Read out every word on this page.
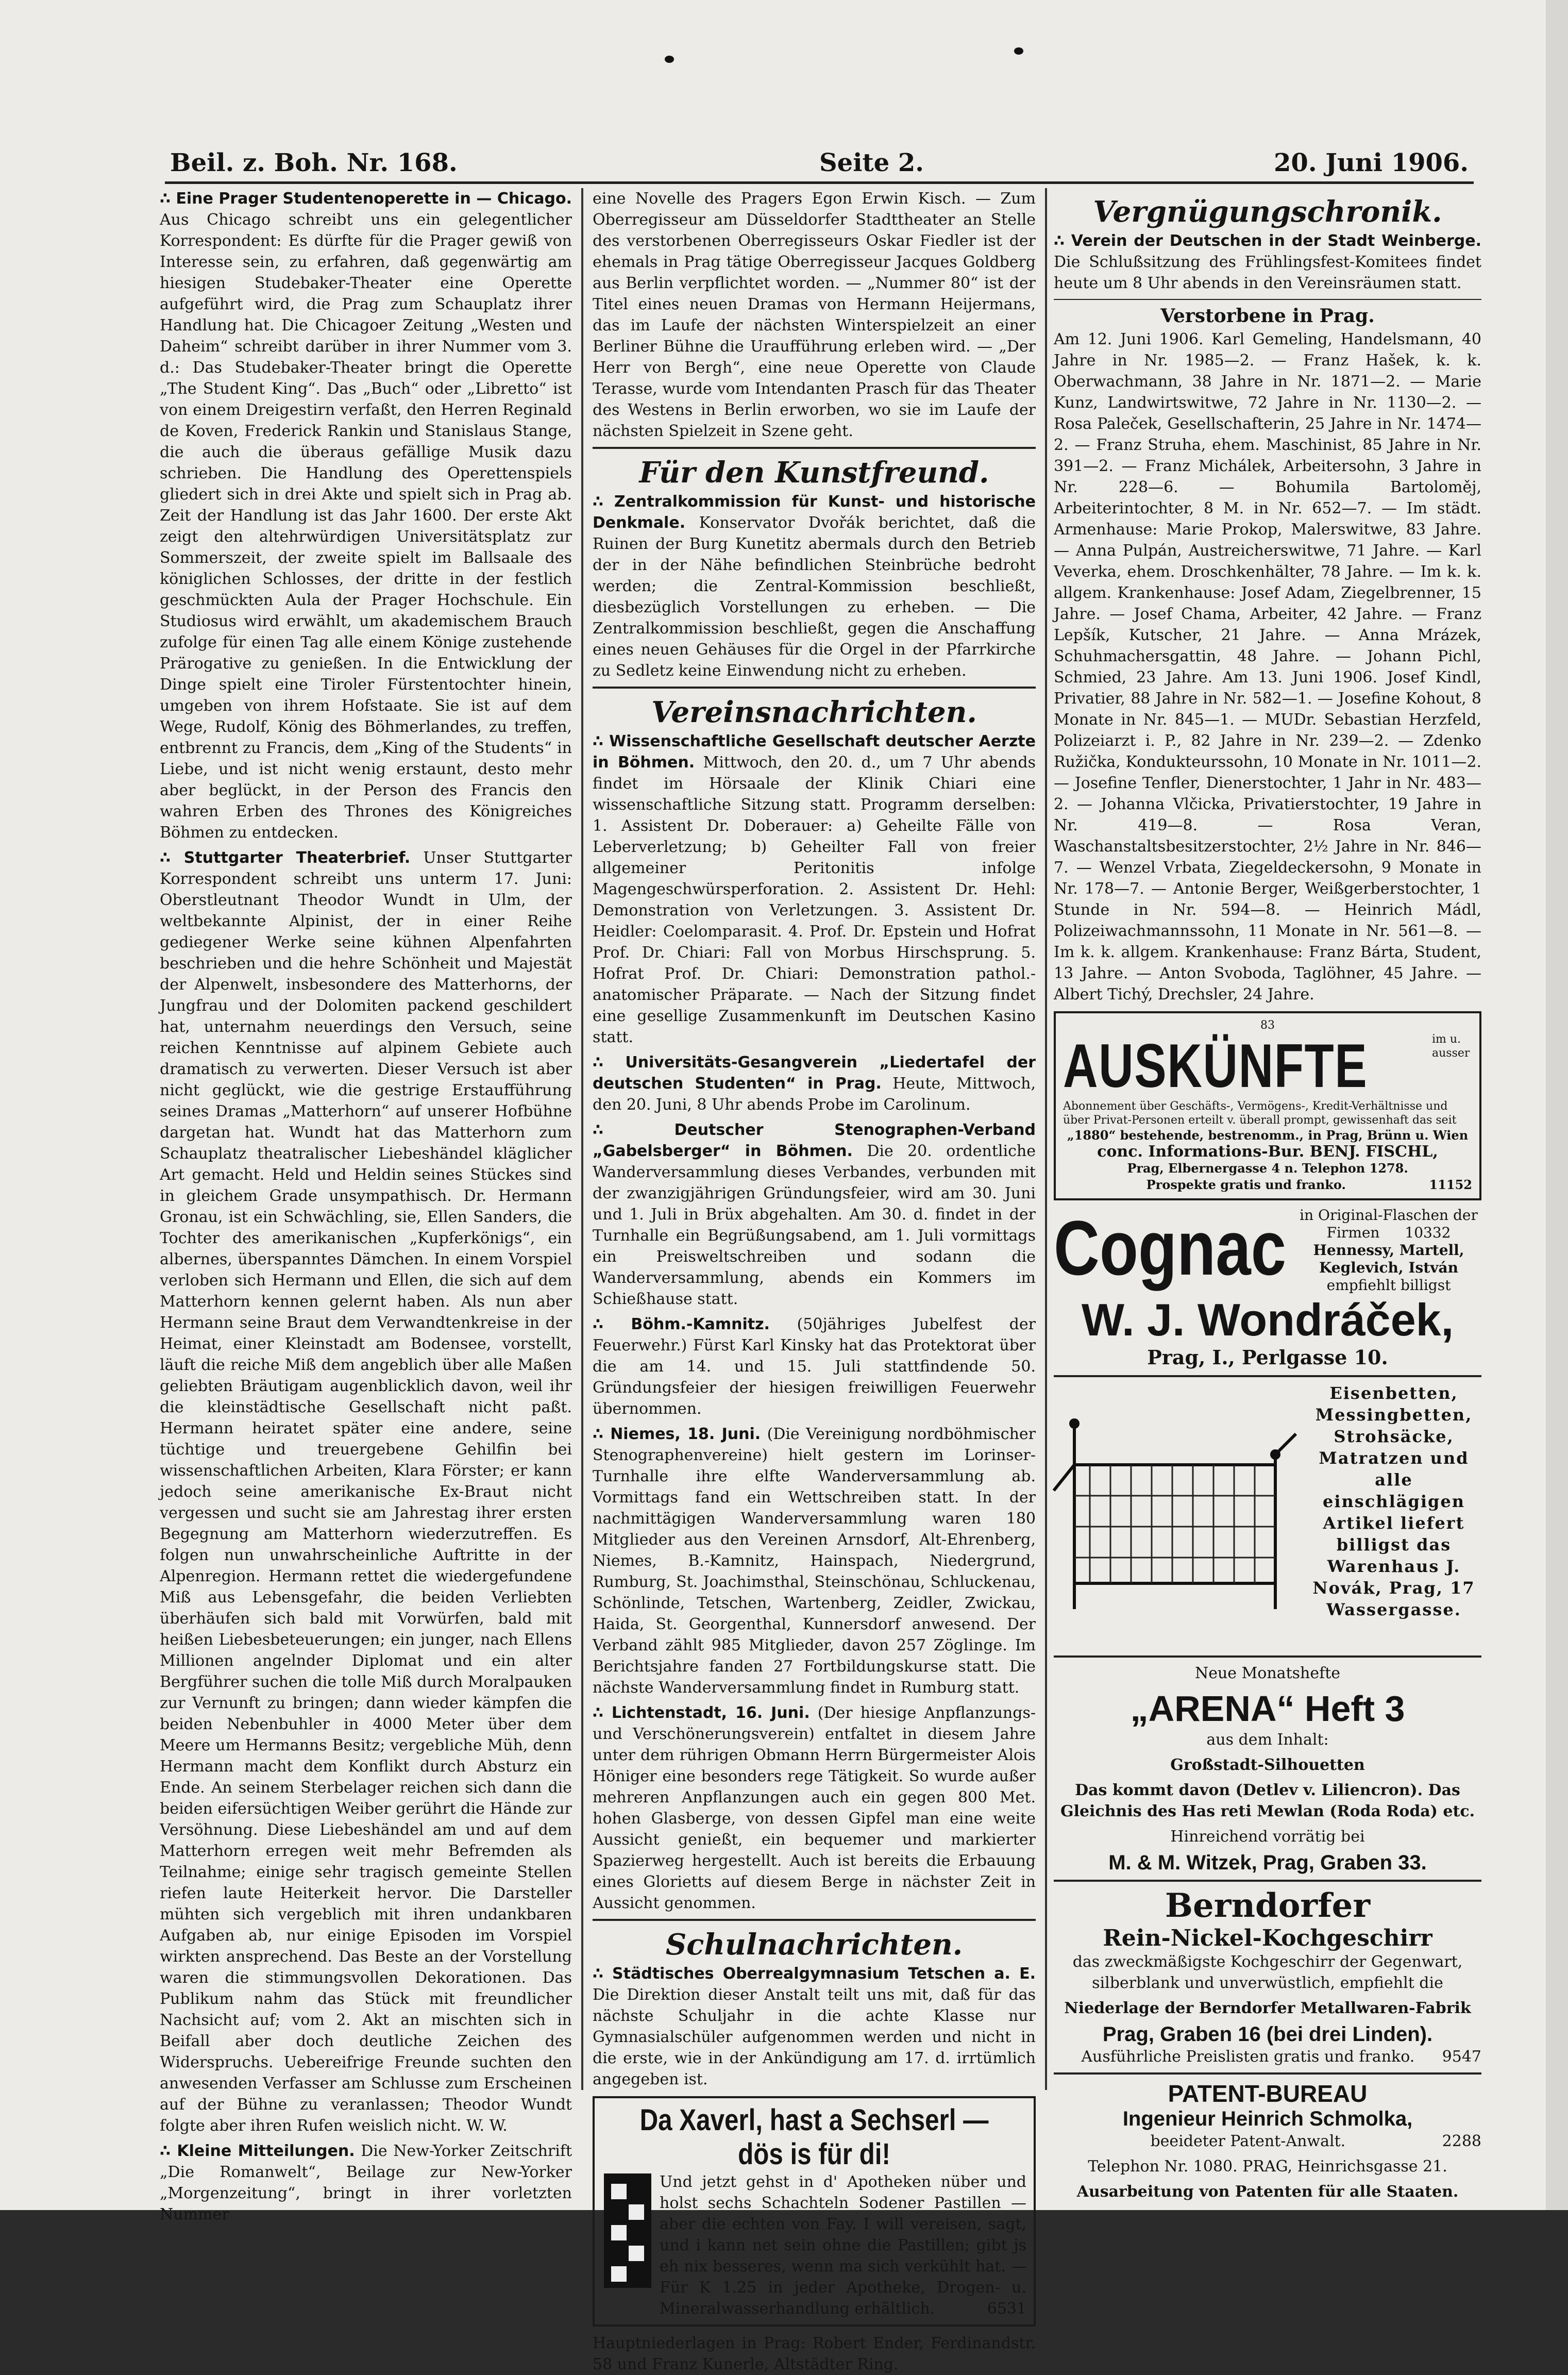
Beil. z. Boh. Nr. 168.	Seite 2.	20. Juni 1906.

∴ Eine Prager Studentenoperette in — Chicago. Aus Chicago schreibt uns ein gelegentlicher Korrespondent: Es dürfte für die Prager gewiß von Interesse sein, zu erfahren, daß gegenwärtig am hiesigen Studebaker-Theater eine Operette aufgeführt wird, die Prag zum Schauplatz ihrer Handlung hat. Die Chicagoer Zeitung „Westen und Daheim“ schreibt darüber in ihrer Nummer vom 3. d.: Das Studebaker-Theater bringt die Operette „The Student King“. Das „Buch“ oder „Libretto“ ist von einem Dreigestirn verfaßt, den Herren Reginald de Koven, Frederick Rankin und Stanislaus Stange, die auch die überaus gefällige Musik dazu schrieben. Die Handlung des Operettenspiels gliedert sich in drei Akte und spielt sich in Prag ab. Zeit der Handlung ist das Jahr 1600. Der erste Akt zeigt den altehrwürdigen Universitätsplatz zur Sommerszeit, der zweite spielt im Ballsaale des königlichen Schlosses, der dritte in der festlich geschmückten Aula der Prager Hochschule. Ein Studiosus wird erwählt, um akademischem Brauch zufolge für einen Tag alle einem Könige zustehende Prärogative zu genießen. In die Entwicklung der Dinge spielt eine Tiroler Fürstentochter hinein, umgeben von ihrem Hofstaate. Sie ist auf dem Wege, Rudolf, König des Böhmerlandes, zu treffen, entbrennt zu Francis, dem „King of the Students“ in Liebe, und ist nicht wenig erstaunt, desto mehr aber beglückt, in der Person des Francis den wahren Erben des Thrones des Königreiches Böhmen zu entdecken.

∴ Stuttgarter Theaterbrief. Unser Stuttgarter Korrespondent schreibt uns unterm 17. Juni: Oberstleutnant Theodor Wundt in Ulm, der weltbekannte Alpinist, der in einer Reihe gediegener Werke seine kühnen Alpenfahrten beschrieben und die hehre Schönheit und Majestät der Alpenwelt, insbesondere des Matterhorns, der Jungfrau und der Dolomiten packend geschildert hat, unternahm neuerdings den Versuch, seine reichen Kenntnisse auf alpinem Gebiete auch dramatisch zu verwerten. Dieser Versuch ist aber nicht geglückt, wie die gestrige Erstaufführung seines Dramas „Matterhorn“ auf unserer Hofbühne dargetan hat. Wundt hat das Matterhorn zum Schauplatz theatralischer Liebeshändel kläglicher Art gemacht. Held und Heldin seines Stückes sind in gleichem Grade unsympathisch. Dr. Hermann Gronau, ist ein Schwächling, sie, Ellen Sanders, die Tochter des amerikanischen „Kupferkönigs“, ein albernes, überspanntes Dämchen. In einem Vorspiel verloben sich Hermann und Ellen, die sich auf dem Matterhorn kennen gelernt haben. Als nun aber Hermann seine Braut dem Verwandtenkreise in der Heimat, einer Kleinstadt am Bodensee, vorstellt, läuft die reiche Miß dem angeblich über alle Maßen geliebten Bräutigam augenblicklich davon, weil ihr die kleinstädtische Gesellschaft nicht paßt. Hermann heiratet später eine andere, seine tüchtige und treuergebene Gehilfin bei wissenschaftlichen Arbeiten, Klara Förster; er kann jedoch seine amerikanische Ex-Braut nicht vergessen und sucht sie am Jahrestag ihrer ersten Begegnung am Matterhorn wiederzutreffen. Es folgen nun unwahrscheinliche Auftritte in der Alpenregion. Hermann rettet die wiedergefundene Miß aus Lebensgefahr, die beiden Verliebten überhäufen sich bald mit Vorwürfen, bald mit heißen Liebesbeteuerungen; ein junger, nach Ellens Millionen angelnder Diplomat und ein alter Bergführer suchen die tolle Miß durch Moralpauken zur Vernunft zu bringen; dann wieder kämpfen die beiden Nebenbuhler in 4000 Meter über dem Meere um Hermanns Besitz; vergebliche Müh, denn Hermann macht dem Konflikt durch Absturz ein Ende. An seinem Sterbelager reichen sich dann die beiden eifersüchtigen Weiber gerührt die Hände zur Versöhnung. Diese Liebeshändel am und auf dem Matterhorn erregen weit mehr Befremden als Teilnahme; einige sehr tragisch gemeinte Stellen riefen laute Heiterkeit hervor. Die Darsteller mühten sich vergeblich mit ihren undankbaren Aufgaben ab, nur einige Episoden im Vorspiel wirkten ansprechend. Das Beste an der Vorstellung waren die stimmungsvollen Dekorationen. Das Publikum nahm das Stück mit freundlicher Nachsicht auf; vom 2. Akt an mischten sich in Beifall aber doch deutliche Zeichen des Widerspruchs. Uebereifrige Freunde suchten den anwesenden Verfasser am Schlusse zum Erscheinen auf der Bühne zu veranlassen; Theodor Wundt folgte aber ihren Rufen weislich nicht. W. W.

∴ Kleine Mitteilungen. Die New-Yorker Zeitschrift „Die Romanwelt“, Beilage zur New-Yorker „Morgenzeitung“, bringt in ihrer vorletzten Nummer

eine Novelle des Pragers Egon Erwin Kisch. — Zum Oberregisseur am Düsseldorfer Stadttheater an Stelle des verstorbenen Oberregisseurs Oskar Fiedler ist der ehemals in Prag tätige Oberregisseur Jacques Goldberg aus Berlin verpflichtet worden. — „Nummer 80“ ist der Titel eines neuen Dramas von Hermann Heijermans, das im Laufe der nächsten Winterspielzeit an einer Berliner Bühne die Uraufführung erleben wird. — „Der Herr von Bergh“, eine neue Operette von Claude Terasse, wurde vom Intendanten Prasch für das Theater des Westens in Berlin erworben, wo sie im Laufe der nächsten Spielzeit in Szene geht.

Für den Kunstfreund.

∴ Zentralkommission für Kunst- und historische Denkmale. Konservator Dvořák berichtet, daß die Ruinen der Burg Kunetitz abermals durch den Betrieb der in der Nähe befindlichen Steinbrüche bedroht werden; die Zentral-Kommission beschließt, diesbezüglich Vorstellungen zu erheben. — Die Zentralkommission beschließt, gegen die Anschaffung eines neuen Gehäuses für die Orgel in der Pfarrkirche zu Sedletz keine Einwendung nicht zu erheben.

Vereinsnachrichten.

∴ Wissenschaftliche Gesellschaft deutscher Aerzte in Böhmen. Mittwoch, den 20. d., um 7 Uhr abends findet im Hörsaale der Klinik Chiari eine wissenschaftliche Sitzung statt. Programm derselben: 1. Assistent Dr. Doberauer: a) Geheilte Fälle von Leberverletzung; b) Geheilter Fall von freier allgemeiner Peritonitis infolge Magengeschwürsperforation. 2. Assistent Dr. Hehl: Demonstration von Verletzungen. 3. Assistent Dr. Heidler: Coelomparasit. 4. Prof. Dr. Epstein und Hofrat Prof. Dr. Chiari: Fall von Morbus Hirschsprung. 5. Hofrat Prof. Dr. Chiari: Demonstration pathol.-anatomischer Präparate. — Nach der Sitzung findet eine gesellige Zusammenkunft im Deutschen Kasino statt.

∴ Universitäts-Gesangverein „Liedertafel der deutschen Studenten“ in Prag. Heute, Mittwoch, den 20. Juni, 8 Uhr abends Probe im Carolinum.

∴ Deutscher Stenographen-Verband „Gabelsberger“ in Böhmen. Die 20. ordentliche Wanderversammlung dieses Verbandes, verbunden mit der zwanzigjährigen Gründungsfeier, wird am 30. Juni und 1. Juli in Brüx abgehalten. Am 30. d. findet in der Turnhalle ein Begrüßungsabend, am 1. Juli vormittags ein Preisweltschreiben und sodann die Wanderversammlung, abends ein Kommers im Schießhause statt.

∴ Böhm.-Kamnitz. (50jähriges Jubelfest der Feuerwehr.) Fürst Karl Kinsky hat das Protektorat über die am 14. und 15. Juli stattfindende 50. Gründungsfeier der hiesigen freiwilligen Feuerwehr übernommen.

∴ Niemes, 18. Juni. (Die Vereinigung nordböhmischer Stenographenvereine) hielt gestern im Lorinser-Turnhalle ihre elfte Wanderversammlung ab. Vormittags fand ein Wettschreiben statt. In der nachmittägigen Wanderversammlung waren 180 Mitglieder aus den Vereinen Arnsdorf, Alt-Ehrenberg, Niemes, B.-Kamnitz, Hainspach, Niedergrund, Rumburg, St. Joachimsthal, Steinschönau, Schluckenau, Schönlinde, Tetschen, Wartenberg, Zeidler, Zwickau, Haida, St. Georgenthal, Kunnersdorf anwesend. Der Verband zählt 985 Mitglieder, davon 257 Zöglinge. Im Berichtsjahre fanden 27 Fortbildungskurse statt. Die nächste Wanderversammlung findet in Rumburg statt.

∴ Lichtenstadt, 16. Juni. (Der hiesige Anpflanzungs- und Verschönerungsverein) entfaltet in diesem Jahre unter dem rührigen Obmann Herrn Bürgermeister Alois Höniger eine besonders rege Tätigkeit. So wurde außer mehreren Anpflanzungen auch ein gegen 800 Met. hohen Glasberge, von dessen Gipfel man eine weite Aussicht genießt, ein bequemer und markierter Spazierweg hergestellt. Auch ist bereits die Erbauung eines Glorietts auf diesem Berge in nächster Zeit in Aussicht genommen.

Schulnachrichten.

∴ Städtisches Oberrealgymnasium Tetschen a. E. Die Direktion dieser Anstalt teilt uns mit, daß für das nächste Schuljahr in die achte Klasse nur Gymnasialschüler aufgenommen werden und nicht in die erste, wie in der Ankündigung am 17. d. irrtümlich angegeben ist.

Da Xaverl, hast a Sechserl —
dös is für di!

Und jetzt gehst in d' Apotheken nüber und holst sechs Schachteln Sodener Pastillen — aber die echten von Fay. I will vereisen, sagt, und i kann net sein ohne die Pastillen; gibt js eh nix besseres, wenn ma sich verkühlt hat. — Für K 1.25 in jeder Apotheke, Drogen- u. Mineralwasserhandlung erhältlich.	6531

Hauptniederlagen in Prag: Robert Ender, Ferdinandstr. 58 und Franz Kunerle, Altstädter Ring.

Vergnügungschronik.

∴ Verein der Deutschen in der Stadt Weinberge. Die Schlußsitzung des Frühlingsfest-Komitees findet heute um 8 Uhr abends in den Vereinsräumen statt.

Verstorbene in Prag.

Am 12. Juni 1906. Karl Gemeling, Handelsmann, 40 Jahre in Nr. 1985—2. — Franz Hašek, k. k. Oberwachmann, 38 Jahre in Nr. 1871—2. — Marie Kunz, Landwirtswitwe, 72 Jahre in Nr. 1130—2. — Rosa Paleček, Gesellschafterin, 25 Jahre in Nr. 1474—2. — Franz Struha, ehem. Maschinist, 85 Jahre in Nr. 391—2. — Franz Michálek, Arbeitersohn, 3 Jahre in Nr. 228—6. — Bohumila Bartoloměj, Arbeiterintochter, 8 M. in Nr. 652—7. — Im städt. Armenhause: Marie Prokop, Malerswitwe, 83 Jahre. — Anna Pulpán, Austreicherswitwe, 71 Jahre. — Karl Veverka, ehem. Droschkenhälter, 78 Jahre. — Im k. k. allgem. Krankenhause: Josef Adam, Ziegelbrenner, 15 Jahre. — Josef Chama, Arbeiter, 42 Jahre. — Franz Lepšík, Kutscher, 21 Jahre. — Anna Mrázek, Schuhmachersgattin, 48 Jahre. — Johann Pichl, Schmied, 23 Jahre. Am 13. Juni 1906. Josef Kindl, Privatier, 88 Jahre in Nr. 582—1. — Josefine Kohout, 8 Monate in Nr. 845—1. — MUDr. Sebastian Herzfeld, Polizeiarzt i. P., 82 Jahre in Nr. 239—2. — Zdenko Ružička, Kondukteurssohn, 10 Monate in Nr. 1011—2. — Josefine Tenfler, Dienerstochter, 1 Jahr in Nr. 483—2. — Johanna Vlčicka, Privatierstochter, 19 Jahre in Nr. 419—8. — Rosa Veran, Waschanstaltsbesitzerstochter, 2½ Jahre in Nr. 846—7. — Wenzel Vrbata, Ziegeldeckersohn, 9 Monate in Nr. 178—7. — Antonie Berger, Weißgerberstochter, 1 Stunde in Nr. 594—8. — Heinrich Mádl, Polizeiwachmannssohn, 11 Monate in Nr. 561—8. — Im k. k. allgem. Krankenhause: Franz Bárta, Student, 13 Jahre. — Anton Svoboda, Taglöhner, 45 Jahre. — Albert Tichý, Drechsler, 24 Jahre.

83
AUSKÜNFTE	im u. ausser Abonnement über Geschäfts-, Vermögens-, Kredit-Verhältnisse und über Privat-Personen erteilt v. überall prompt, gewissenhaft das seit
„1880“ bestehende, bestrenomm., in Prag, Brünn u. Wien
conc. Informations-Bur. BENJ. FISCHL,
Prag, Elbernergasse 4 n. Telephon 1278.
Prospekte gratis und franko.	11152
Cognac in Original-Flaschen der
Firmen 10332
Hennessy, Martell, Keglevich, István
empfiehlt billigst
W. J. Wondráček,
Prag, I., Perlgasse 10.
Eisenbetten, Messingbetten, Strohsäcke, Matratzen und alle einschlägigen Artikel liefert billigst das Warenhaus J. Novák, Prag, 17 Wassergasse.
Neue Monatshefte
„ARENA“ Heft 3
aus dem Inhalt:
Großstadt-Silhouetten
Das kommt davon (Detlev v. Liliencron). Das Gleichnis des Has reti Mewlan (Roda Roda) etc.
Hinreichend vorrätig bei
M. & M. Witzek, Prag, Graben 33.
Berndorfer
Rein-Nickel-Kochgeschirr
das zweckmäßigste Kochgeschirr der Gegenwart, silberblank und unverwüstlich, empfiehlt die
Niederlage der Berndorfer Metallwaren-Fabrik
Prag, Graben 16 (bei drei Linden).
Ausführliche Preislisten gratis und franko. 9547
PATENT-BUREAU
Ingenieur Heinrich Schmolka,
beeideter Patent-Anwalt.	2288
Telephon Nr. 1080. PRAG, Heinrichsgasse 21.
Ausarbeitung von Patenten für alle Staaten.
